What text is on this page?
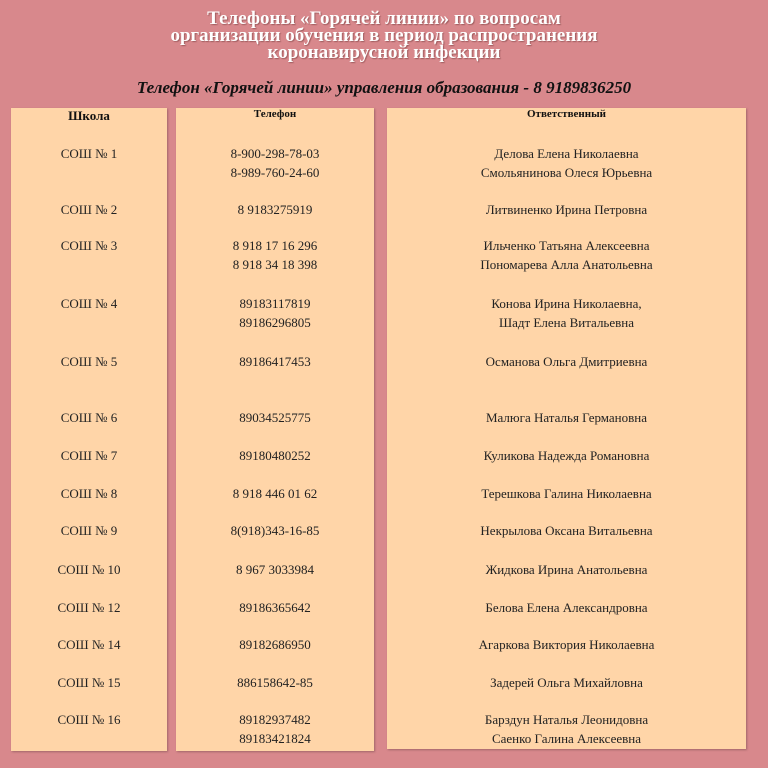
Телефоны «Горячей линии» по вопросам
организации обучения в период распространения
коронавирусной инфекции
Телефон «Горячей линии» управления образования - 8 9189836250
Школа
СОШ № 1
СОШ № 2
СОШ № 3
СОШ № 4
СОШ № 5
СОШ № 6
СОШ № 7
СОШ № 8
СОШ № 9
СОШ № 10
СОШ № 12
СОШ № 14
СОШ № 15
СОШ № 16
Телефон
8-900-298-78-03
8-989-760-24-60
8 9183275919
8 918 17 16 296
8 918 34 18 398
89183117819
89186296805
89186417453
89034525775
89180480252
8 918 446 01 62
8(918)343-16-85
8 967 3033984
89186365642
89182686950
886158642-85
89182937482
89183421824
Ответственный
Делова Елена Николаевна
Смольянинова Олеся Юрьевна
Литвиненко Ирина Петровна
Ильченко Татьяна Алексеевна
Пономарева Алла Анатольевна
Конова Ирина Николаевна,
Шадт Елена Витальевна
Османова Ольга Дмитриевна
Малюга Наталья Германовна
Куликова Надежда Романовна
Терешкова Галина Николаевна
Некрылова Оксана Витальевна
Жидкова Ирина Анатольевна
Белова Елена Александровна
Агаркова Виктория Николаевна
Задерей Ольга Михайловна
Барздун Наталья Леонидовна
Саенко Галина Алексеевна
